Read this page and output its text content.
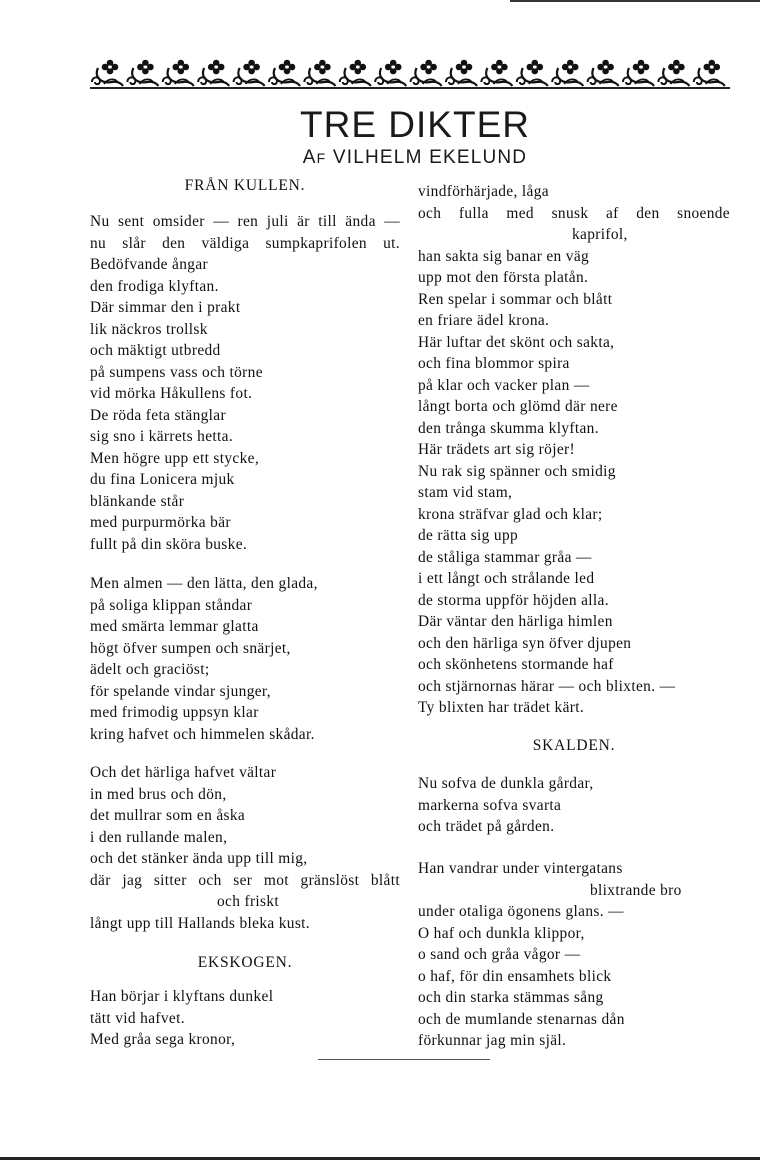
TRE DIKTER
AF VILHELM EKELUND
FRÅN KULLEN.
Nu sent omsider — ren juli är till ända —
nu slår den väldiga sumpkaprifolen ut.
Bedöfvande ångar
den frodiga klyftan.
Där simmar den i prakt
lik näckros trollsk
och mäktigt utbredd
på sumpens vass och törne
vid mörka Håkullens fot.
De röda feta stänglar
sig sno i kärrets hetta.
Men högre upp ett stycke,
du fina Lonicera mjuk
blänkande står
med purpurmörka bär
fullt på din sköra buske.
Men almen — den lätta, den glada,
på soliga klippan ståndar
med smärta lemmar glatta
högt öfver sumpen och snärjet,
ädelt och graciöst;
för spelande vindar sjunger,
med frimodig uppsyn klar
kring hafvet och himmelen skådar.
Och det härliga hafvet vältar
in med brus och dön,
det mullrar som en åska
i den rullande malen,
och det stänker ända upp till mig,
där jag sitter och ser mot gränslöst blått
och friskt
långt upp till Hallands bleka kust.
EKSKOGEN.
Han börjar i klyftans dunkel
tätt vid hafvet.
Med gråa sega kronor,
vindförhärjade, låga
och fulla med snusk af den snoende
kaprifol,
han sakta sig banar en väg
upp mot den första platån.
Ren spelar i sommar och blått
en friare ädel krona.
Här luftar det skönt och sakta,
och fina blommor spira
på klar och vacker plan —
långt borta och glömd där nere
den trånga skumma klyftan.
Här trädets art sig röjer!
Nu rak sig spänner och smidig
stam vid stam,
krona sträfvar glad och klar;
de rätta sig upp
de ståliga stammar gråa —
i ett långt och strålande led
de storma uppför höjden alla.
Där väntar den härliga himlen
och den härliga syn öfver djupen
och skönhetens stormande haf
och stjärnornas härar — och blixten. —
Ty blixten har trädet kärt.
SKALDEN.
Nu sofva de dunkla gårdar,
markerna sofva svarta
och trädet på gården.
Han vandrar under vintergatans
blixtrande bro
under otaliga ögonens glans. —
O haf och dunkla klippor,
o sand och gråa vågor —
o haf, för din ensamhets blick
och din starka stämmas sång
och de mumlande stenarnas dån
förkunnar jag min själ.
